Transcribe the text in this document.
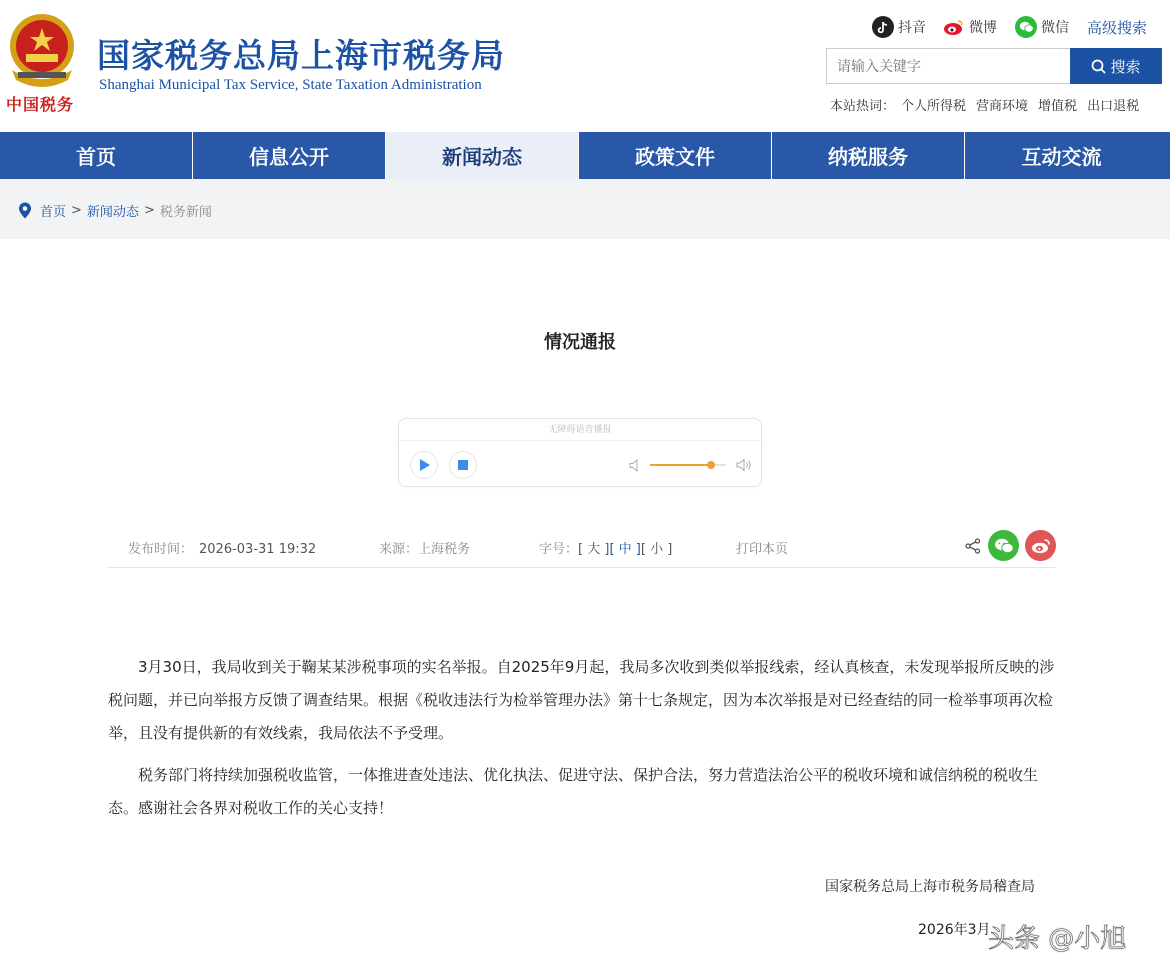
中国税务
国家税务总局上海市税务局
Shanghai Municipal Tax Service, State Taxation Administration
抖音	微博	微信 高级搜索
请输入关键字
搜索
本站热词： 个人所得税 营商环境 增值税 出口退税
首页	信息公开	新闻动态	政策文件	纳税服务	互动交流
首页 > 新闻动态 > 税务新闻
情况通报
无障碍语音播报
发布时间： 2026-03-31 19:32	来源：上海税务	字号：[ 大 ][ 中 ][ 小 ]	打印本页

3月30日，我局收到关于鞠某某涉税事项的实名举报。自2025年9月起，我局多次收到类似举报线索，经认真核查，未发现举报所反映的涉税问题，并已向举报方反馈了调查结果。根据《税收违法行为检举管理办法》第十七条规定，因为本次举报是对已经查结的同一检举事项再次检举，且没有提供新的有效线索，我局依法不予受理。

税务部门将持续加强税收监管，一体推进查处违法、优化执法、促进守法、保护合法，努力营造法治公平的税收环境和诚信纳税的税收生态。感谢社会各界对税收工作的关心支持！

国家税务总局上海市税务局稽查局
2026年3月
头条 @小旭
